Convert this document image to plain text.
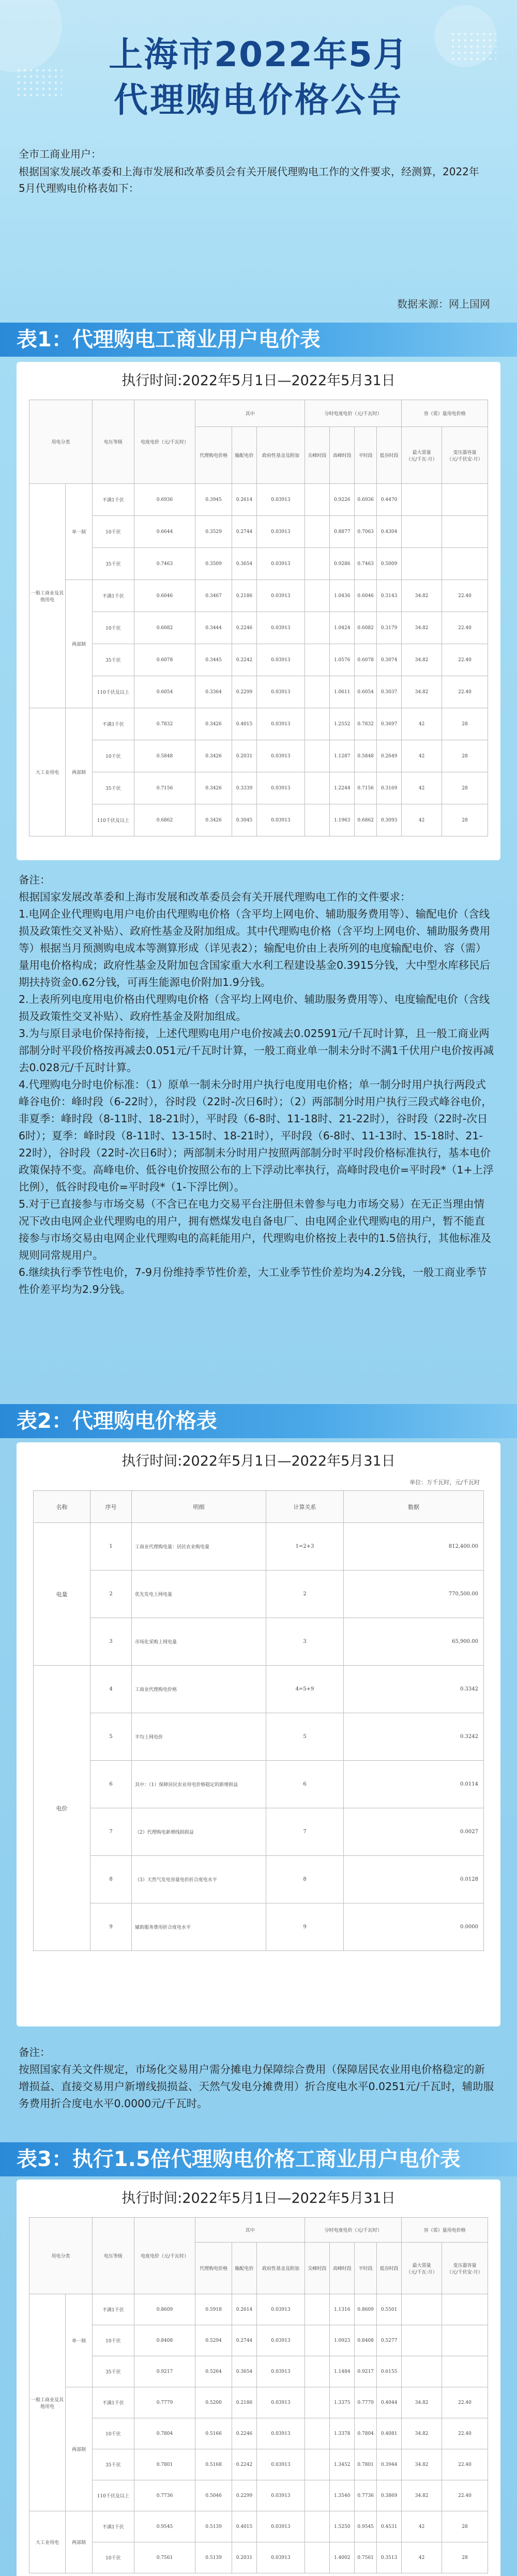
上海市2022年5月
代理购电价格公告

全市工商业用户：

根据国家发展改革委和上海市发展和改革委员会有关开展代理购电工作的文件要求，经测算，2022年5月代理购电价格表如下：

数据来源：网上国网
表1：代理购电工商业用户电价表
执行时间:2022年5月1日—2022年5月31日
用电分类		电压等级	电度电价（元/千瓦时）	其中			分时电度电价（元/千瓦时）				容（需）量用电价格	
				代理购电价格	输配电价	政府性基金及附加	尖峰时段	高峰时段	平时段	低谷时段	最大需量
（元/千瓦·月）	变压器容量
（元/千伏安·月）
一般工商业及其他用电	单一制	不满1千伏	0.6936	0.3945	0.2614	0.03913		0.9226	0.6936	0.4470		
		10千伏	0.6644	0.3529	0.2744	0.03913		0.8877	0.7063	0.4304		
		35千伏	0.7463	0.3509	0.3654	0.03913		0.9286	0.7463	0.5009		
	两部制	不满1千伏	0.6046	0.3467	0.2186	0.03913		1.0436	0.6046	0.3143	34.82	22.40
		10千伏	0.6082	0.3444	0.2246	0.03913		1.0424	0.6082	0.3179	34.82	22.40
		35千伏	0.6078	0.3445	0.2242	0.03913		1.0576	0.6078	0.3074	34.82	22.40
		110千伏及以上	0.6054	0.3364	0.2299	0.03913		1.0611	0.6054	0.3037	34.82	22.40
大工业用电	两部制	不满1千伏	0.7832	0.3426	0.4015	0.03913		1.2552	0.7832	0.3697	42	28
		10千伏	0.5848	0.3426	0.2031	0.03913		1.1287	0.5848	0.2649	42	28
		35千伏	0.7156	0.3426	0.3339	0.03913		1.2244	0.7156	0.3169	42	28
		110千伏及以上	0.6862	0.3426	0.3045	0.03913		1.1963	0.6862	0.3093	42	28

备注：

根据国家发展改革委和上海市发展和改革委员会有关开展代理购电工作的文件要求：

1.电网企业代理购电用户电价由代理购电价格（含平均上网电价、辅助服务费用等）、输配电价（含线损及政策性交叉补贴）、政府性基金及附加组成。其中代理购电价格（含平均上网电价、辅助服务费用等）根据当月预测购电成本等测算形成（详见表2）；输配电价由上表所列的电度输配电价、容（需）量用电价格构成；政府性基金及附加包含国家重大水利工程建设基金0.3915分钱，大中型水库移民后期扶持资金0.62分钱，可再生能源电价附加1.9分钱。

2.上表所列电度用电价格由代理购电价格（含平均上网电价、辅助服务费用等）、电度输配电价（含线损及政策性交叉补贴）、政府性基金及附加组成。

3.为与原目录电价保持衔接，上述代理购电用户电价按减去0.02591元/千瓦时计算，且一般工商业两部制分时平段价格按再减去0.051元/千瓦时计算，一般工商业单一制未分时不满1千伏用户电价按再减去0.028元/千瓦时计算。

4.代理购电分时电价标准：（1）原单一制未分时用户执行电度用电价格；单一制分时用户执行两段式峰谷电价：峰时段（6-22时），谷时段（22时-次日6时）；（2）两部制分时用户执行三段式峰谷电价，非夏季：峰时段（8-11时、18-21时），平时段（6-8时、11-18时、21-22时），谷时段（22时-次日6时）；夏季：峰时段（8-11时、13-15时、18-21时），平时段（6-8时、11-13时、15-18时、21-22时），谷时段（22时-次日6时）；两部制未分时用户按照两部制分时平时段价格标准执行，基本电价政策保持不变。高峰电价、低谷电价按照公布的上下浮动比率执行，高峰时段电价=平时段*（1+上浮比例），低谷时段电价=平时段*（1-下浮比例）。

5.对于已直接参与市场交易（不含已在电力交易平台注册但未曾参与电力市场交易）在无正当理由情况下改由电网企业代理购电的用户，拥有燃煤发电自备电厂、由电网企业代理购电的用户，暂不能直接参与市场交易由电网企业代理购电的高耗能用户，代理购电价格按上表中的1.5倍执行，其他标准及规则同常规用户。

6.继续执行季节性电价，7-9月份维持季节性价差，大工业季节性价差均为4.2分钱，一般工商业季节性价差平均为2.9分钱。

表2：代理购电价格表
执行时间:2022年5月1日—2022年5月31日
单位：万千瓦时，元/千瓦时
名称	序号	明细	计算关系	数据
电量	1	工商业代理购电量：居民农业购电量	1=2+3	812,400.00
	2	优先发电上网电量	2	770,500.00
	3	市场化采购上网电量	3	65,900.00
电价	4	工商业代理购电价格	4=5+9	0.3342
	5	平均上网电价	5	0.3242
	6	其中：（1）保障居民农业用电价格稳定的新增损益	6	0.0114
	7	（2）代理购电新增线损损益	7	0.0027
	8	（3）天然气发电容量电价折合度电水平	8	0.0128
	9	辅助服务费用折合度电水平	9	0.0000

备注：

按照国家有关文件规定，市场化交易用户需分摊电力保障综合费用（保障居民农业用电价格稳定的新增损益、直接交易用户新增线损损益、天然气发电分摊费用）折合度电水平0.0251元/千瓦时，辅助服务费用折合度电水平0.0000元/千瓦时。

表3：执行1.5倍代理购电价格工商业用户电价表
执行时间:2022年5月1日—2022年5月31日
用电分类		电压等级	电度电价（元/千瓦时）	其中			分时电度电价（元/千瓦时）				容（需）量用电价格	
				代理购电价格	输配电价	政府性基金及附加	尖峰时段	高峰时段	平时段	低谷时段	最大需量
（元/千瓦·月）	变压器容量
（元/千伏安·月）
一般工商业及其他用电	单一制	不满1千伏	0.8609	0.5918	0.2614	0.03913		1.1316	0.8609	0.5501		
		10千伏	0.8408	0.5294	0.2744	0.03913		1.0923	0.8408	0.5277		
		35千伏	0.9217	0.5264	0.3654	0.03913		1.1484	0.9217	0.6155		
	两部制	不满1千伏	0.7779	0.5200	0.2186	0.03913		1.3375	0.7779	0.4044	34.82	22.40
		10千伏	0.7804	0.5166	0.2246	0.03913		1.3378	0.7804	0.4081	34.82	22.40
		35千伏	0.7801	0.5168	0.2242	0.03913		1.3452	0.7801	0.3944	34.82	22.40
		110千伏及以上	0.7736	0.5046	0.2299	0.03913		1.3540	0.7736	0.3869	34.82	22.40
大工业用电	两部制	不满1千伏	0.9545	0.5139	0.4015	0.03913		1.5250	0.9545	0.4531	42	28
		10千伏	0.7561	0.5139	0.2031	0.03913		1.4002	0.7561	0.3513	42	28
